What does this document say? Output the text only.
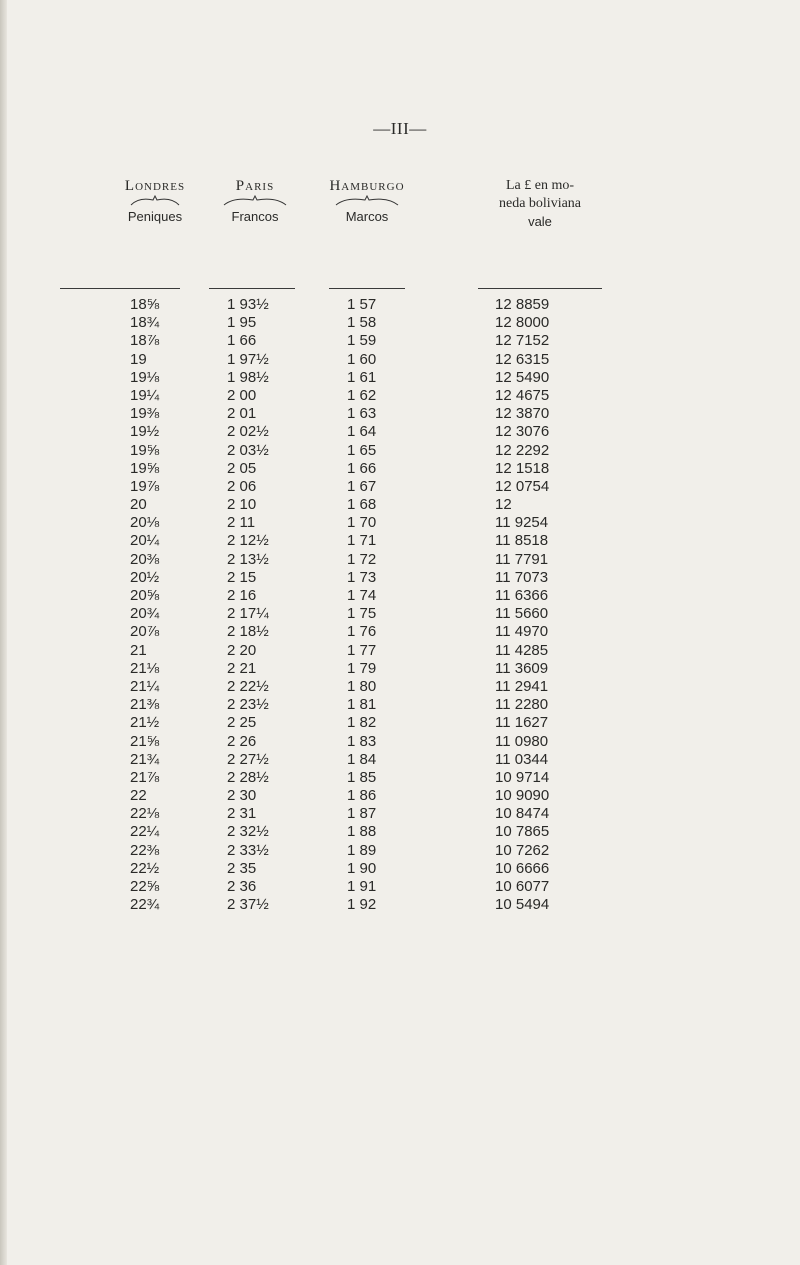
—III—
Londres
Peniques
Paris
Francos
Hamburgo
Marcos
La £ en mo-
neda boliviana
vale
18⅝	1 93½	1 57	12 8859
18¾	1 95	1 58	12 8000
18⅞	1 66	1 59	12 7152
19	1 97½	1 60	12 6315
19⅛	1 98½	1 61	12 5490
19¼	2 00	1 62	12 4675
19⅜	2 01	1 63	12 3870
19½	2 02½	1 64	12 3076
19⅝	2 03½	1 65	12 2292
19⅝	2 05	1 66	12 1518
19⅞	2 06	1 67	12 0754
20	2 10	1 68	12
20⅛	2 11	1 70	11 9254
20¼	2 12½	1 71	11 8518
20⅜	2 13½	1 72	11 7791
20½	2 15	1 73	11 7073
20⅝	2 16	1 74	11 6366
20¾	2 17¼	1 75	11 5660
20⅞	2 18½	1 76	11 4970
21	2 20	1 77	11 4285
21⅛	2 21	1 79	11 3609
21¼	2 22½	1 80	11 2941
21⅜	2 23½	1 81	11 2280
21½	2 25	1 82	11 1627
21⅝	2 26	1 83	11 0980
21¾	2 27½	1 84	11 0344
21⅞	2 28½	1 85	10 9714
22	2 30	1 86	10 9090
22⅛	2 31	1 87	10 8474
22¼	2 32½	1 88	10 7865
22⅜	2 33½	1 89	10 7262
22½	2 35	1 90	10 6666
22⅝	2 36	1 91	10 6077
22¾	2 37½	1 92	10 5494
